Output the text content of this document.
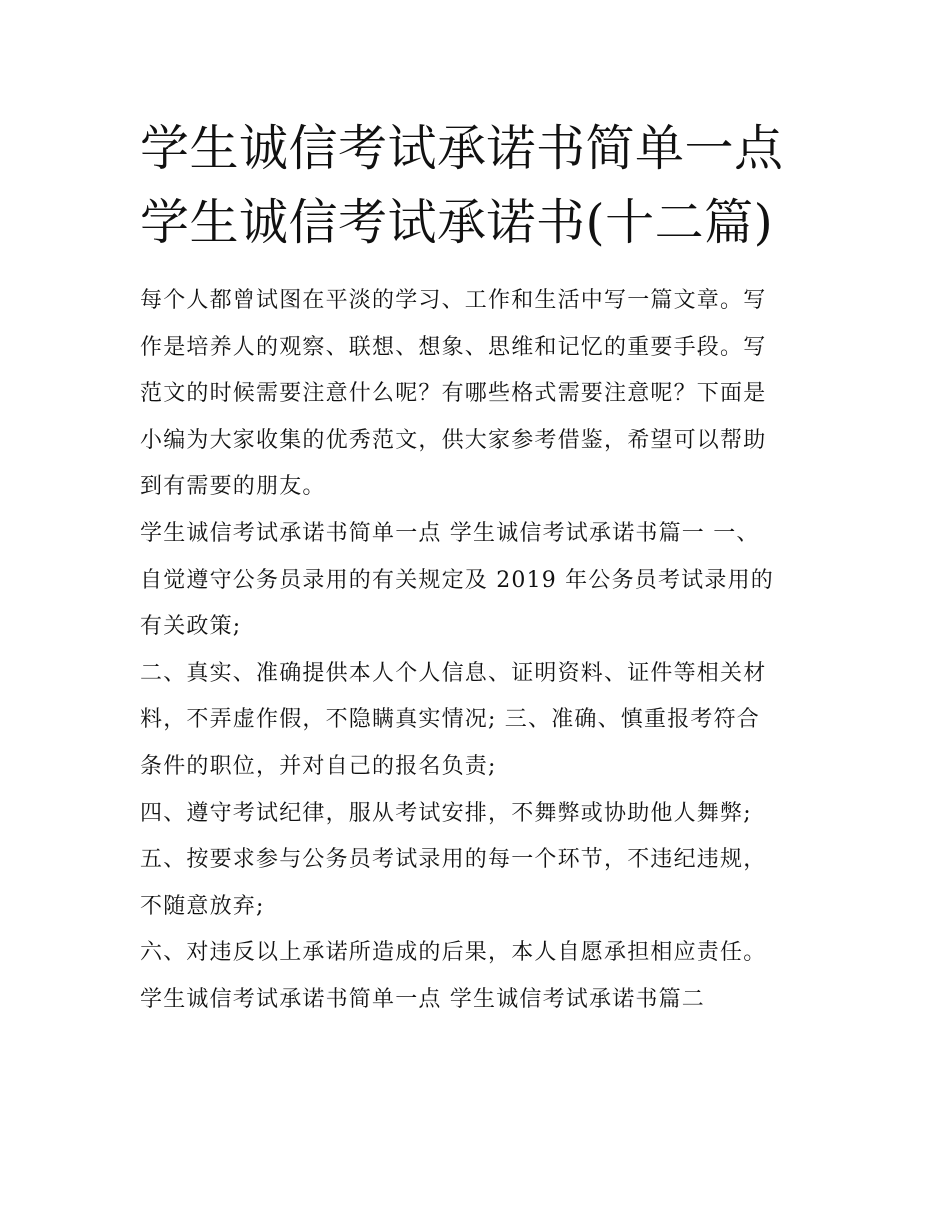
学生诚信考试承诺书简单一点
学生诚信考试承诺书(十二篇)
每个人都曾试图在平淡的学习、工作和生活中写一篇文章。写
作是培养人的观察、联想、想象、思维和记忆的重要手段。写
范文的时候需要注意什么呢？有哪些格式需要注意呢？下面是
小编为大家收集的优秀范文，供大家参考借鉴，希望可以帮助
到有需要的朋友。
学生诚信考试承诺书简单一点 学生诚信考试承诺书篇一 一、
自觉遵守公务员录用的有关规定及 2019 年公务员考试录用的
有关政策;
二、真实、准确提供本人个人信息、证明资料、证件等相关材
料，不弄虚作假，不隐瞒真实情况; 三、准确、慎重报考符合
条件的职位，并对自己的报名负责;
四、遵守考试纪律，服从考试安排，不舞弊或协助他人舞弊;
五、按要求参与公务员考试录用的每一个环节，不违纪违规，
不随意放弃;
六、对违反以上承诺所造成的后果，本人自愿承担相应责任。
学生诚信考试承诺书简单一点 学生诚信考试承诺书篇二
